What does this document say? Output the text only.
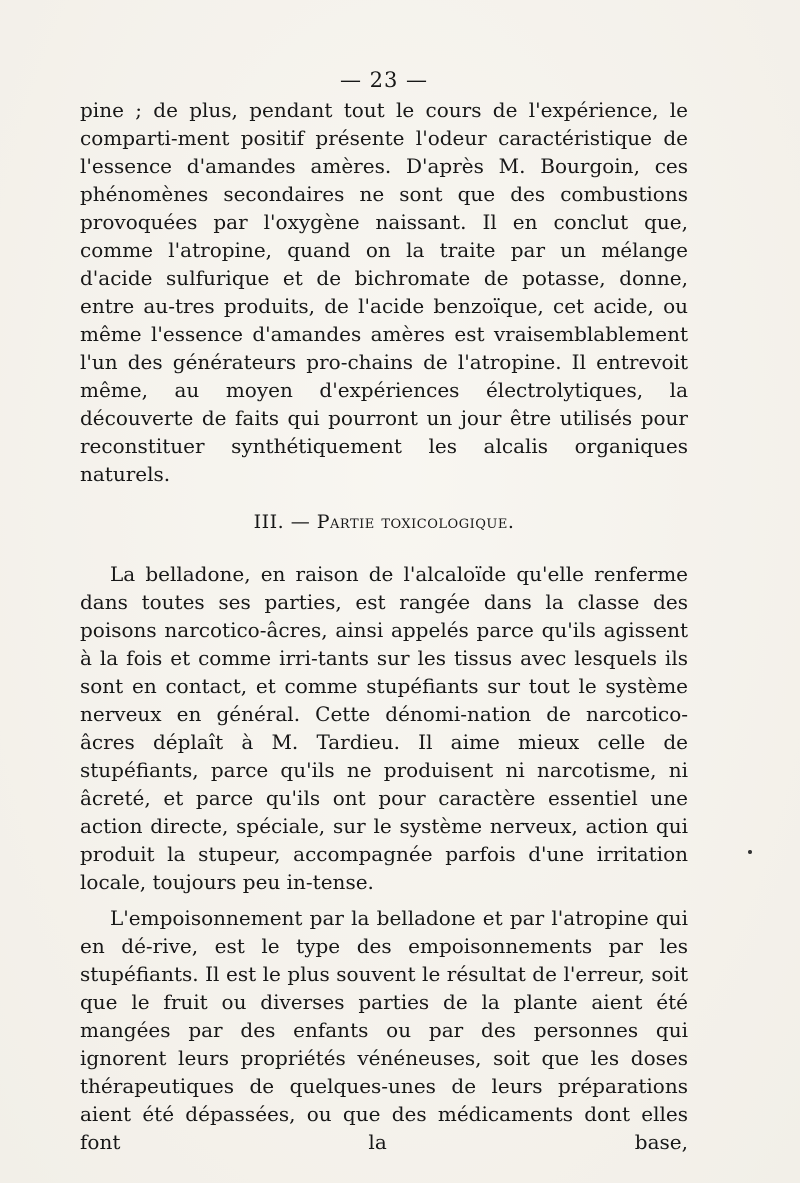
— 23 —

pine ; de plus, pendant tout le cours de l'expérience, le comparti-ment positif présente l'odeur caractéristique de l'essence d'amandes amères. D'après M. Bourgoin, ces phénomènes secondaires ne sont que des combustions provoquées par l'oxygène naissant. Il en conclut que, comme l'atropine, quand on la traite par un mélange d'acide sulfurique et de bichromate de potasse, donne, entre au-tres produits, de l'acide benzoïque, cet acide, ou même l'essence d'amandes amères est vraisemblablement l'un des générateurs pro-chains de l'atropine. Il entrevoit même, au moyen d'expériences électrolytiques, la découverte de faits qui pourront un jour être utilisés pour reconstituer synthétiquement les alcalis organiques naturels.

III. — Partie toxicologique.

La belladone, en raison de l'alcaloïde qu'elle renferme dans toutes ses parties, est rangée dans la classe des poisons narcotico-âcres, ainsi appelés parce qu'ils agissent à la fois et comme irri-tants sur les tissus avec lesquels ils sont en contact, et comme stupéfiants sur tout le système nerveux en général. Cette dénomi-nation de narcotico-âcres déplaît à M. Tardieu. Il aime mieux celle de stupéfiants, parce qu'ils ne produisent ni narcotisme, ni âcreté, et parce qu'ils ont pour caractère essentiel une action directe, spéciale, sur le système nerveux, action qui produit la stupeur, accompagnée parfois d'une irritation locale, toujours peu in-tense.

L'empoisonnement par la belladone et par l'atropine qui en dé-rive, est le type des empoisonnements par les stupéfiants. Il est le plus souvent le résultat de l'erreur, soit que le fruit ou diverses parties de la plante aient été mangées par des enfants ou par des personnes qui ignorent leurs propriétés vénéneuses, soit que les doses thérapeutiques de quelques-unes de leurs préparations aient été dépassées, ou que des médicaments dont elles font la base,
